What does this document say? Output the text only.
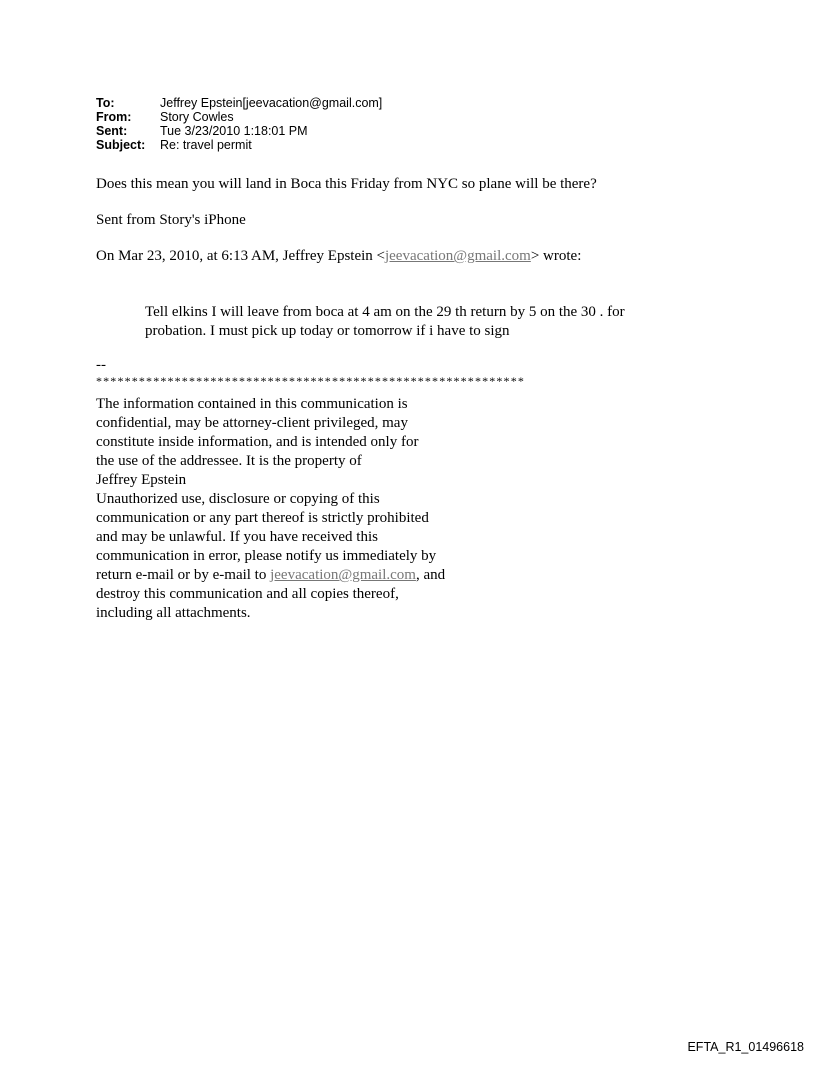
To:	Jeffrey Epstein[jeevacation@gmail.com]
From:	Story Cowles
Sent:	Tue 3/23/2010 1:18:01 PM
Subject:	Re: travel permit
Does this mean you will land in Boca this Friday from NYC so plane will be there?
Sent from Story's iPhone
On Mar 23, 2010, at 6:13 AM, Jeffrey Epstein <jeevacation@gmail.com> wrote:
Tell elkins I will leave from boca at 4 am on the 29 th return by 5 on the 30 . for
probation. I must pick up today or tomorrow if i have to sign
--
************************************************************
The information contained in this communication is
confidential, may be attorney-client privileged, may
constitute inside information, and is intended only for
the use of the addressee. It is the property of
Jeffrey Epstein
Unauthorized use, disclosure or copying of this
communication or any part thereof is strictly prohibited
and may be unlawful. If you have received this
communication in error, please notify us immediately by
return e-mail or by e-mail to jeevacation@gmail.com, and
destroy this communication and all copies thereof,
including all attachments.
EFTA_R1_01496618
